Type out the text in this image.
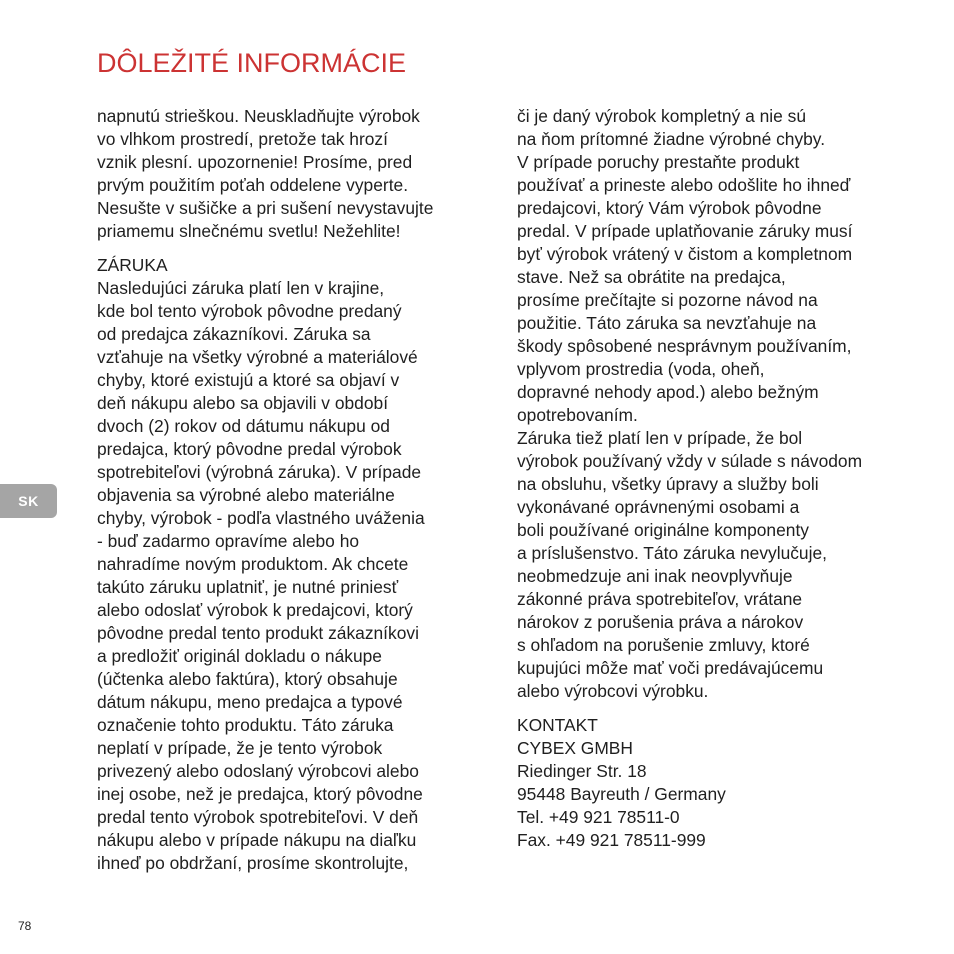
DÔLEŽITÉ INFORMÁCIE
napnutú strieškou. Neuskladňujte výrobok
vo vlhkom prostredí, pretože tak hrozí
vznik plesní. upozornenie! Prosíme, pred
prvým použitím poťah oddelene vyperte.
Nesušte v sušičke a pri sušení nevystavujte
priamemu slnečnému svetlu! Nežehlite!
ZÁRUKA
Nasledujúci záruka platí len v krajine,
kde bol tento výrobok pôvodne predaný
od predajca zákazníkovi. Záruka sa
vzťahuje na všetky výrobné a materiálové
chyby, ktoré existujú a ktoré sa objaví v
deň nákupu alebo sa objavili v období
dvoch (2) rokov od dátumu nákupu od
predajca, ktorý pôvodne predal výrobok
spotrebiteľovi (výrobná záruka). V prípade
objavenia sa výrobné alebo materiálne
chyby, výrobok - podľa vlastného uváženia
- buď zadarmo opravíme alebo ho
nahradíme novým produktom. Ak chcete
takúto záruku uplatniť, je nutné priniesť
alebo odoslať výrobok k predajcovi, ktorý
pôvodne predal tento produkt zákazníkovi
a predložiť originál dokladu o nákupe
(účtenka alebo faktúra), ktorý obsahuje
dátum nákupu, meno predajca a typové
označenie tohto produktu. Táto záruka
neplatí v prípade, že je tento výrobok
privezený alebo odoslaný výrobcovi alebo
inej osobe, než je predajca, ktorý pôvodne
predal tento výrobok spotrebiteľovi. V deň
nákupu alebo v prípade nákupu na diaľku
ihneď po obdržaní, prosíme skontrolujte,
či je daný výrobok kompletný a nie sú
na ňom prítomné žiadne výrobné chyby.
V prípade poruchy prestaňte produkt
používať a prineste alebo odošlite ho ihneď
predajcovi, ktorý Vám výrobok pôvodne
predal. V prípade uplatňovanie záruky musí
byť výrobok vrátený v čistom a kompletnom
stave. Než sa obrátite na predajca,
prosíme prečítajte si pozorne návod na
použitie. Táto záruka sa nevzťahuje na
škody spôsobené nesprávnym používaním,
vplyvom prostredia (voda, oheň,
dopravné nehody apod.) alebo bežným
opotrebovaním.
Záruka tiež platí len v prípade, že bol
výrobok používaný vždy v súlade s návodom
na obsluhu, všetky úpravy a služby boli
vykonávané oprávnenými osobami a
boli používané originálne komponenty
a príslušenstvo. Táto záruka nevylučuje,
neobmedzuje ani inak neovplyvňuje
zákonné práva spotrebiteľov, vrátane
nárokov z porušenia práva a nárokov
s ohľadom na porušenie zmluvy, ktoré
kupujúci môže mať voči predávajúcemu
alebo výrobcovi výrobku.
KONTAKT
CYBEX GMBH
Riedinger Str. 18
95448 Bayreuth / Germany
Tel. +49 921 78511-0
Fax. +49 921 78511-999
SK
78
